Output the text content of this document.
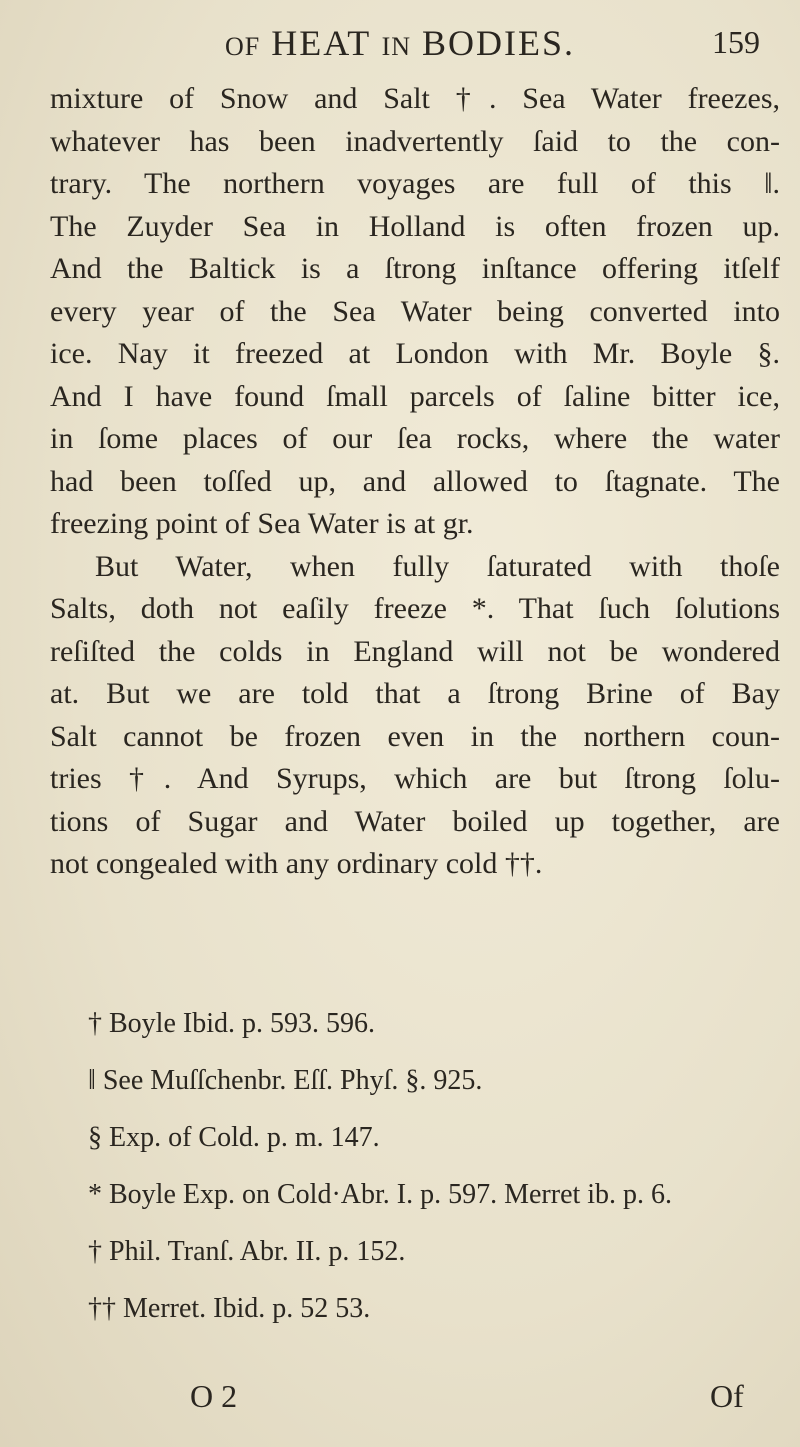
OF HEAT IN BODIES.	159
mixture of Snow and Salt †. Sea Water freezes,
whatever has been inadvertently ſaid to the con-
trary. The northern voyages are full of this ‖.
The Zuyder Sea in Holland is often frozen up.
And the Baltick is a ſtrong inſtance offering itſelf
every year of the Sea Water being converted into
ice. Nay it freezed at London with Mr. Boyle §.
And I have found ſmall parcels of ſaline bitter ice,
in ſome places of our ſea rocks, where the water
had been toſſed up, and allowed to ſtagnate. The
freezing point of Sea Water is at gr.
But Water, when fully ſaturated with thoſe
Salts, doth not eaſily freeze *. That ſuch ſolutions
reſiſted the colds in England will not be wondered
at. But we are told that a ſtrong Brine of Bay
Salt cannot be frozen even in the northern coun-
tries †. And Syrups, which are but ſtrong ſolu-
tions of Sugar and Water boiled up together, are
not congealed with any ordinary cold ††.
† Boyle Ibid. p. 593. 596.
‖ See Muſſchenbr. Eſſ. Phyſ. §. 925.
§ Exp. of Cold. p. m. 147.
* Boyle Exp. on Cold·Abr. I. p. 597. Merret ib. p. 6.
† Phil. Tranſ. Abr. II. p. 152.
†† Merret. Ibid. p. 52 53.
O 2	Of
